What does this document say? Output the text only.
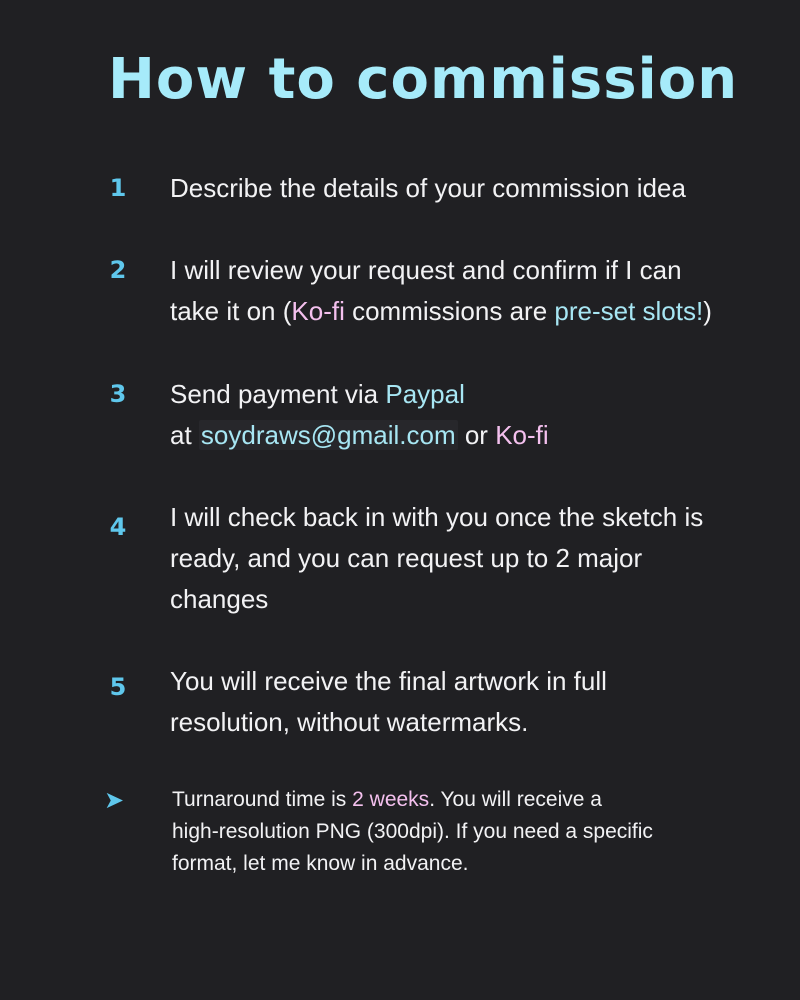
How to commission
1 Describe the details of your commission idea
2 I will review your request and confirm if I can
take it on (Ko-fi commissions are pre-set slots!)
3 Send payment via Paypal
at soydraws@gmail.com or Ko-fi
4 I will check back in with you once the sketch is
ready, and you can request up to 2 major
changes
5 You will receive the final artwork in full
resolution, without watermarks.
➤	Turnaround time is 2 weeks. You will receive a
high-resolution PNG (300dpi). If you need a specific
format, let me know in advance.
